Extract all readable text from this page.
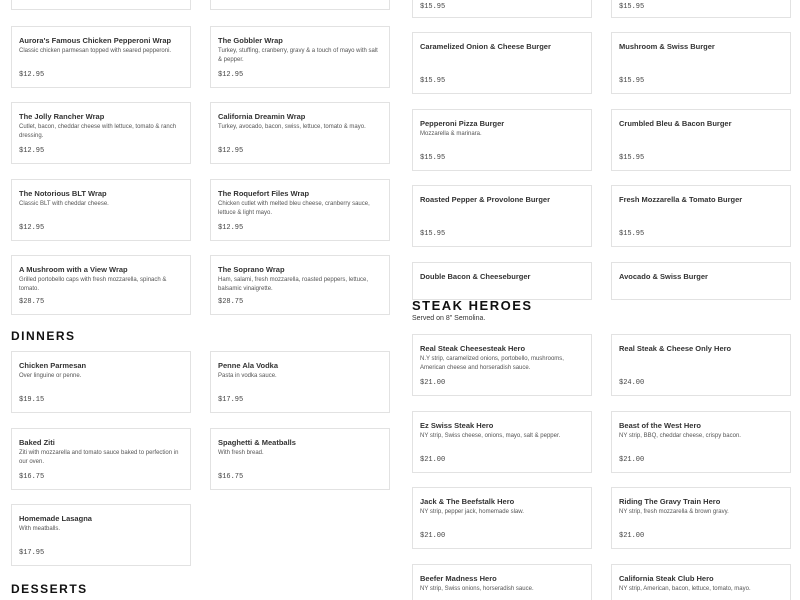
Aurora's Famous Chicken Pepperoni Wrap
Classic chicken parmesan topped with seared pepperoni.
$12.95
The Gobbler Wrap
Turkey, stuffing, cranberry, gravy & a touch of mayo with salt & pepper.
$12.95
The Jolly Rancher Wrap
Cutlet, bacon, cheddar cheese with lettuce, tomato & ranch dressing.
$12.95
California Dreamin Wrap
Turkey, avocado, bacon, swiss, lettuce, tomato & mayo.
$12.95
The Notorious BLT Wrap
Classic BLT with cheddar cheese.
$12.95
The Roquefort Files Wrap
Chicken cutlet with melted bleu cheese, cranberry sauce, lettuce & light mayo.
$12.95
A Mushroom with a View Wrap
Grilled portobello caps with fresh mozzarella, spinach & tomato.
$28.75
The Soprano Wrap
Ham, salami, fresh mozzarella, roasted peppers, lettuce, balsamic vinaigrette.
$28.75
DINNERS
Chicken Parmesan
Over linguine or penne.
$19.15
Penne Ala Vodka
Pasta in vodka sauce.
$17.95
Baked Ziti
Ziti with mozzarella and tomato sauce baked to perfection in our oven.
$16.75
Spaghetti & Meatballs
With fresh bread.
$16.75
Homemade Lasagna
With meatballs.
$17.95
DESSERTS
$15.95	$15.95
Caramelized Onion & Cheese Burger
$15.95
Mushroom & Swiss Burger
$15.95
Pepperoni Pizza Burger
Mozzarella & marinara.
$15.95
Crumbled Bleu & Bacon Burger
$15.95
Roasted Pepper & Provolone Burger
$15.95
Fresh Mozzarella & Tomato Burger
$15.95
Double Bacon & Cheeseburger	Avocado & Swiss Burger
STEAK HEROES
Served on 8" Semolina.
Real Steak Cheesesteak Hero
N.Y strip, caramelized onions, portobello, mushrooms, American cheese and horseradish sauce.
$21.00
Real Steak & Cheese Only Hero
$24.00
Ez Swiss Steak Hero
NY strip, Swiss cheese, onions, mayo, salt & pepper.
$21.00
Beast of the West Hero
NY strip, BBQ, cheddar cheese, crispy bacon.
$21.00
Jack & The Beefstalk Hero
NY strip, pepper jack, homemade slaw.
$21.00
Riding The Gravy Train Hero
NY strip, fresh mozzarella & brown gravy.
$21.00
Beefer Madness Hero
NY strip, Swiss onions, horseradish sauce.
California Steak Club Hero
NY strip, American, bacon, lettuce, tomato, mayo.
